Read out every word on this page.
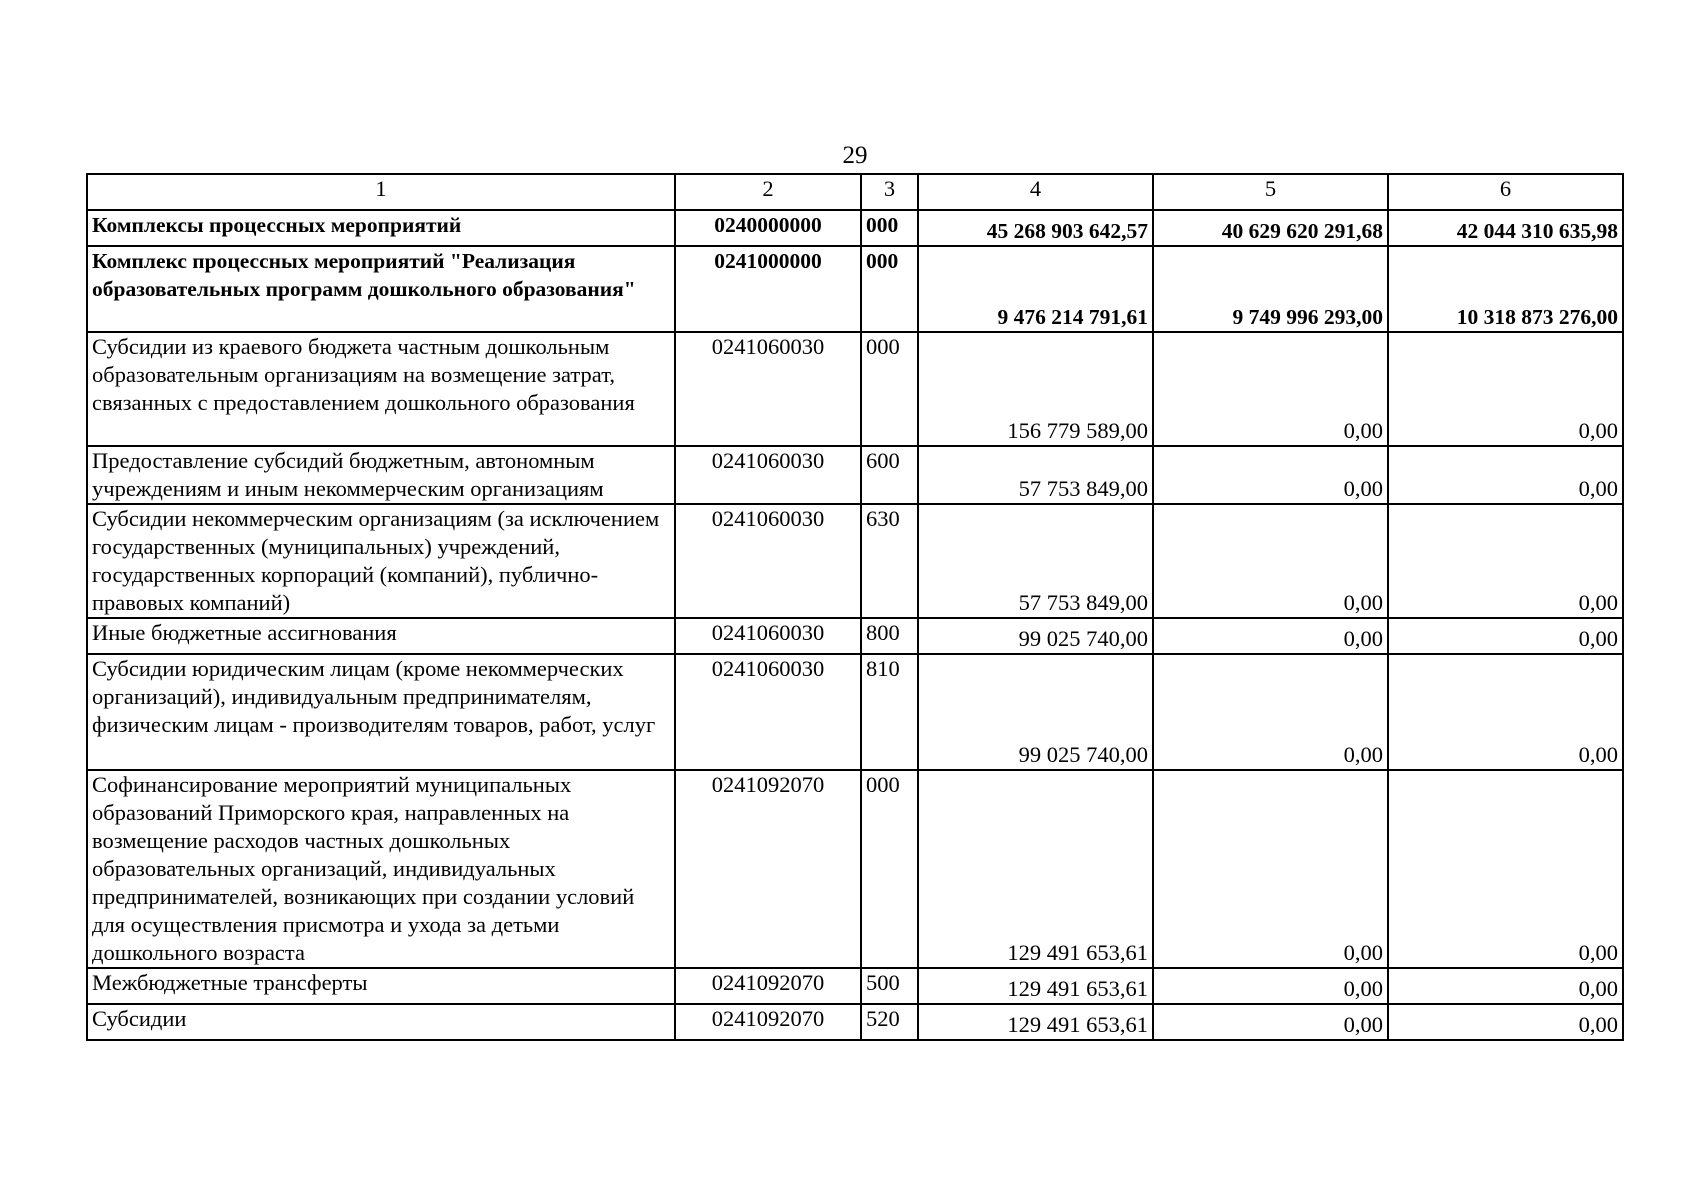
29
1	2	3	4	5	6
Комплексы процессных мероприятий	0240000000	000	45 268 903 642,57	40 629 620 291,68	42 044 310 635,98
Комплекс процессных мероприятий "Реализация образовательных программ дошкольного образования"	0241000000	000	9 476 214 791,61	9 749 996 293,00	10 318 873 276,00
Субсидии из краевого бюджета частным дошкольным образовательным организациям на возмещение затрат, связанных с предоставлением дошкольного образования	0241060030	000	156 779 589,00	0,00	0,00
Предоставление субсидий бюджетным, автономным учреждениям и иным некоммерческим организациям	0241060030	600	57 753 849,00	0,00	0,00
Субсидии некоммерческим организациям (за исключением государственных (муниципальных) учреждений, государственных корпораций (компаний), публично-правовых компаний)	0241060030	630	57 753 849,00	0,00	0,00
Иные бюджетные ассигнования	0241060030	800	99 025 740,00	0,00	0,00
Субсидии юридическим лицам (кроме некоммерческих организаций), индивидуальным предпринимателям, физическим лицам - производителям товаров, работ, услуг	0241060030	810	99 025 740,00	0,00	0,00
Софинансирование мероприятий муниципальных образований Приморского края, направленных на возмещение расходов частных дошкольных образовательных организаций, индивидуальных предпринимателей, возникающих при создании условий для осуществления присмотра и ухода за детьми дошкольного возраста	0241092070	000	129 491 653,61	0,00	0,00
Межбюджетные трансферты	0241092070	500	129 491 653,61	0,00	0,00
Субсидии	0241092070	520	129 491 653,61	0,00	0,00
